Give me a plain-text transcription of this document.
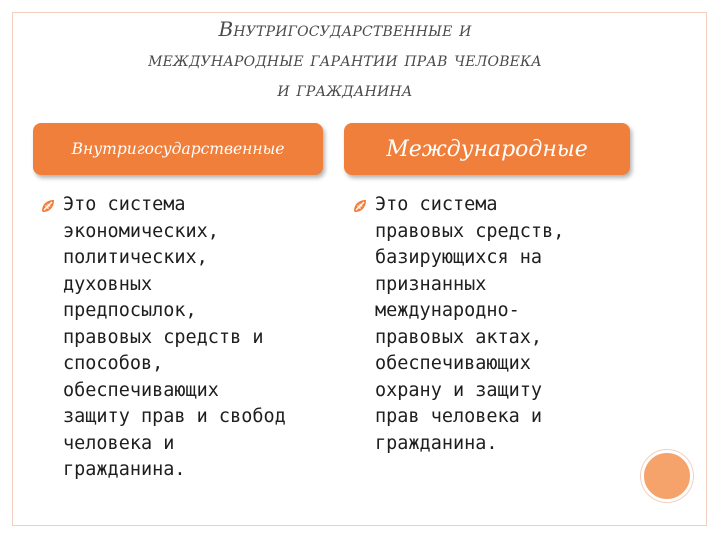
Внутригосударственные и
международные гарантии прав человека
и гражданина
Внутригосударственные	Международные
Это система
экономических,
политических,
духовных
предпосылок,
правовых средств и
способов,
обеспечивающих
защиту прав и свобод
человека и
гражданина.
Это система
правовых средств,
базирующихся на
признанных
международно-
правовых актах,
обеспечивающих
охрану и защиту
прав человека и
гражданина.
